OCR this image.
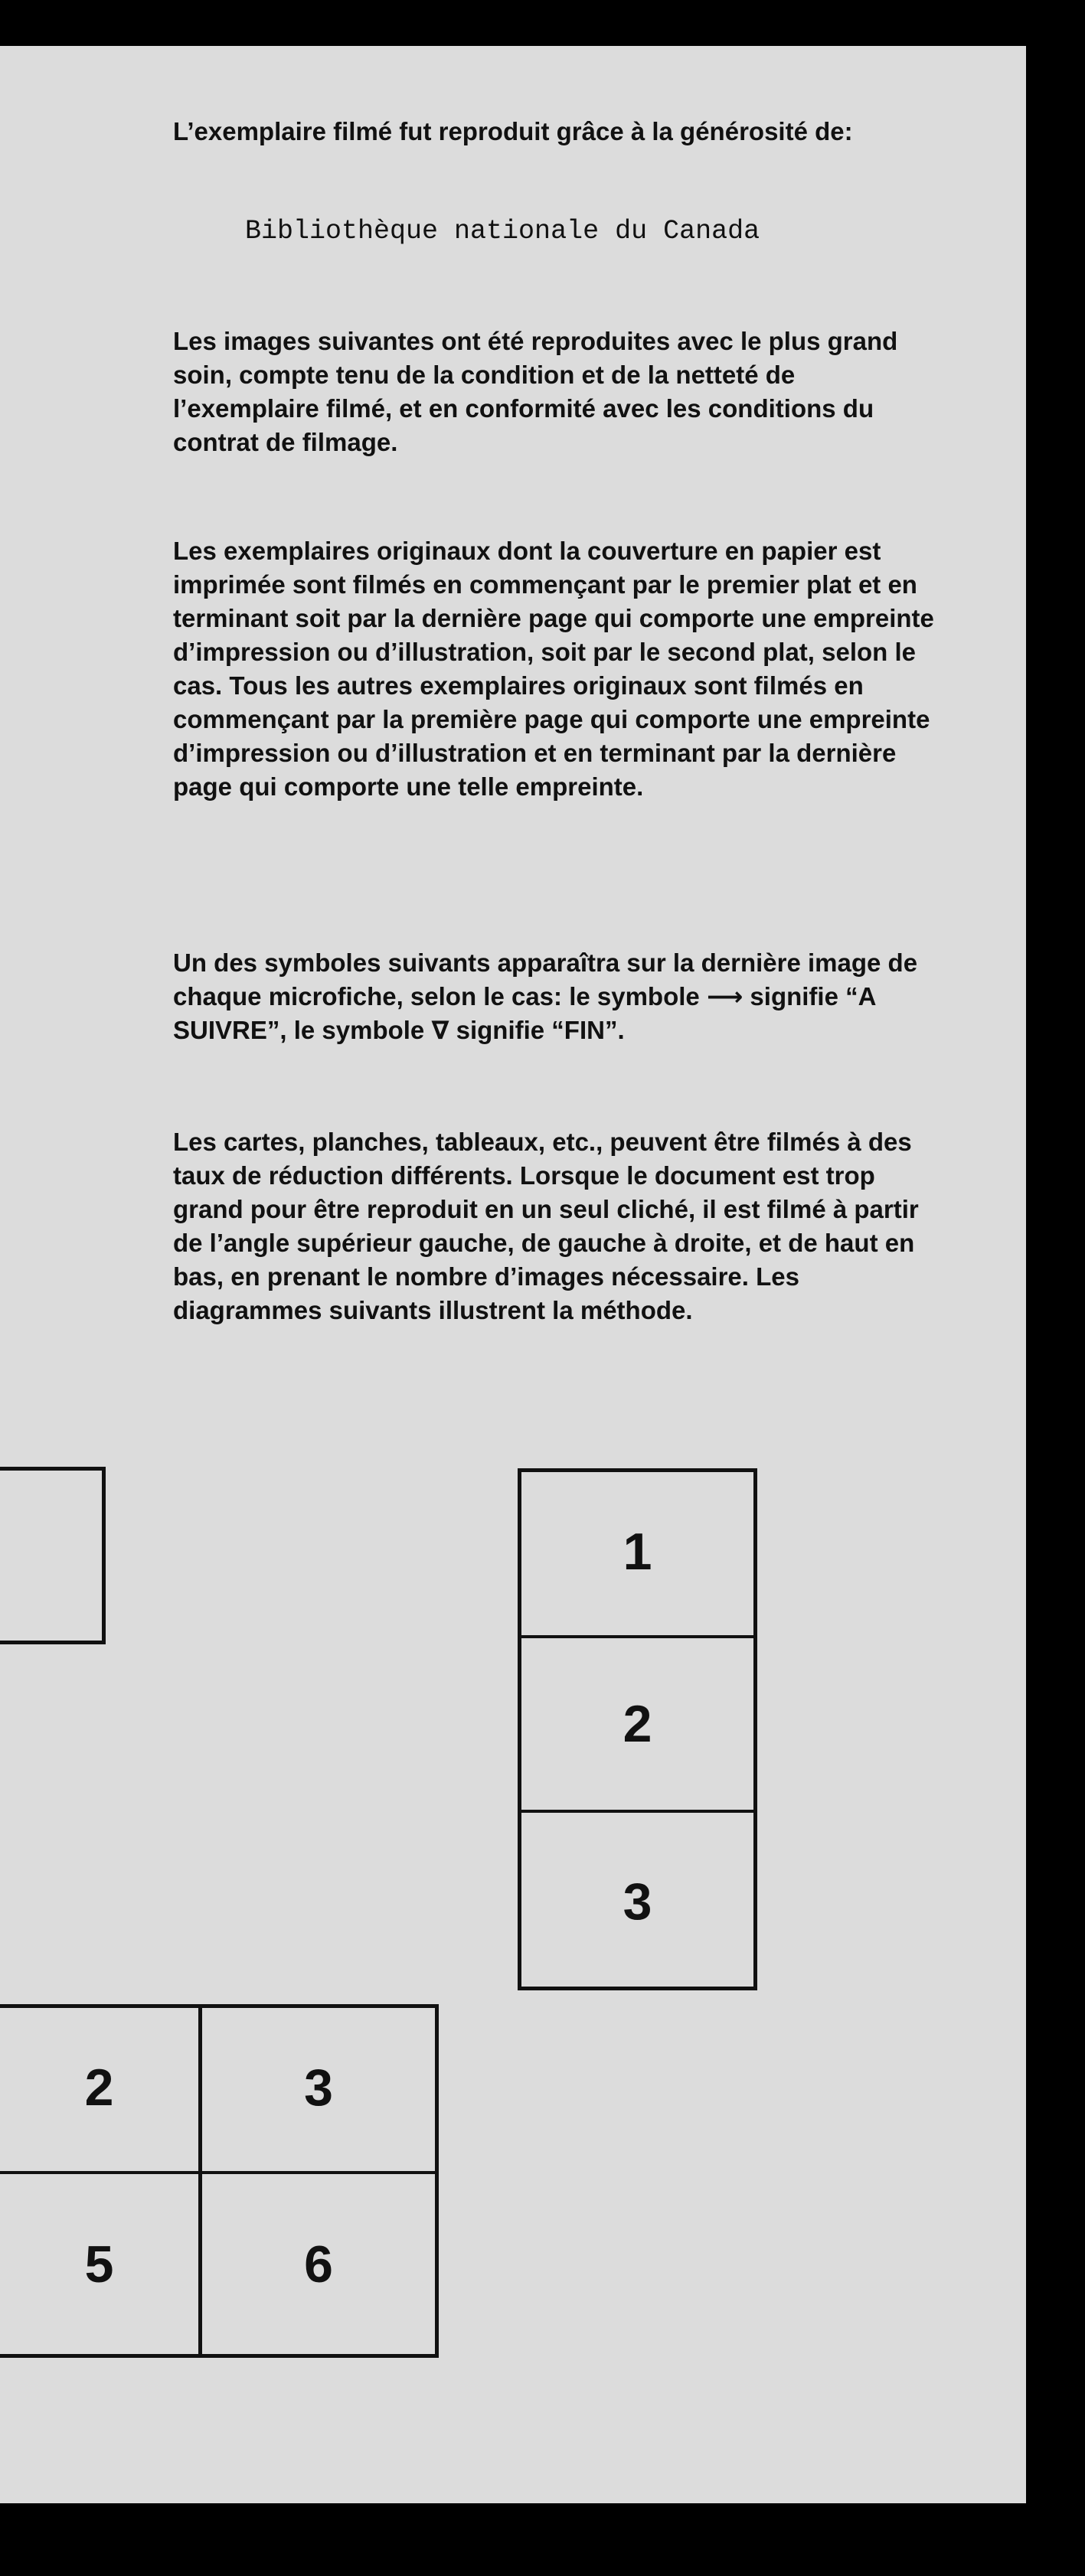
L’exemplaire filmé fut reproduit grâce à la générosité de:

Bibliothèque nationale du Canada

Les images suivantes ont été reproduites avec le plus grand soin, compte tenu de la condition et de la netteté de l’exemplaire filmé, et en conformité avec les conditions du contrat de filmage.

Les exemplaires originaux dont la couverture en papier est imprimée sont filmés en commençant par le premier plat et en terminant soit par la dernière page qui comporte une empreinte d’impression ou d’illustration, soit par le second plat, selon le cas. Tous les autres exemplaires originaux sont filmés en commençant par la première page qui comporte une empreinte d’impression ou d’illustration et en terminant par la dernière page qui comporte une telle empreinte.

Un des symboles suivants apparaîtra sur la dernière image de chaque microfiche, selon le cas: le symbole ⟶ signifie “A SUIVRE”, le symbole ∇ signifie “FIN”.

Les cartes, planches, tableaux, etc., peuvent être filmés à des taux de réduction différents. Lorsque le document est trop grand pour être reproduit en un seul cliché, il est filmé à partir de l’angle supérieur gauche, de gauche à droite, et de haut en bas, en prenant le nombre d’images nécessaire. Les diagrammes suivants illustrent la méthode.

1
2
3
2	3
5	6
